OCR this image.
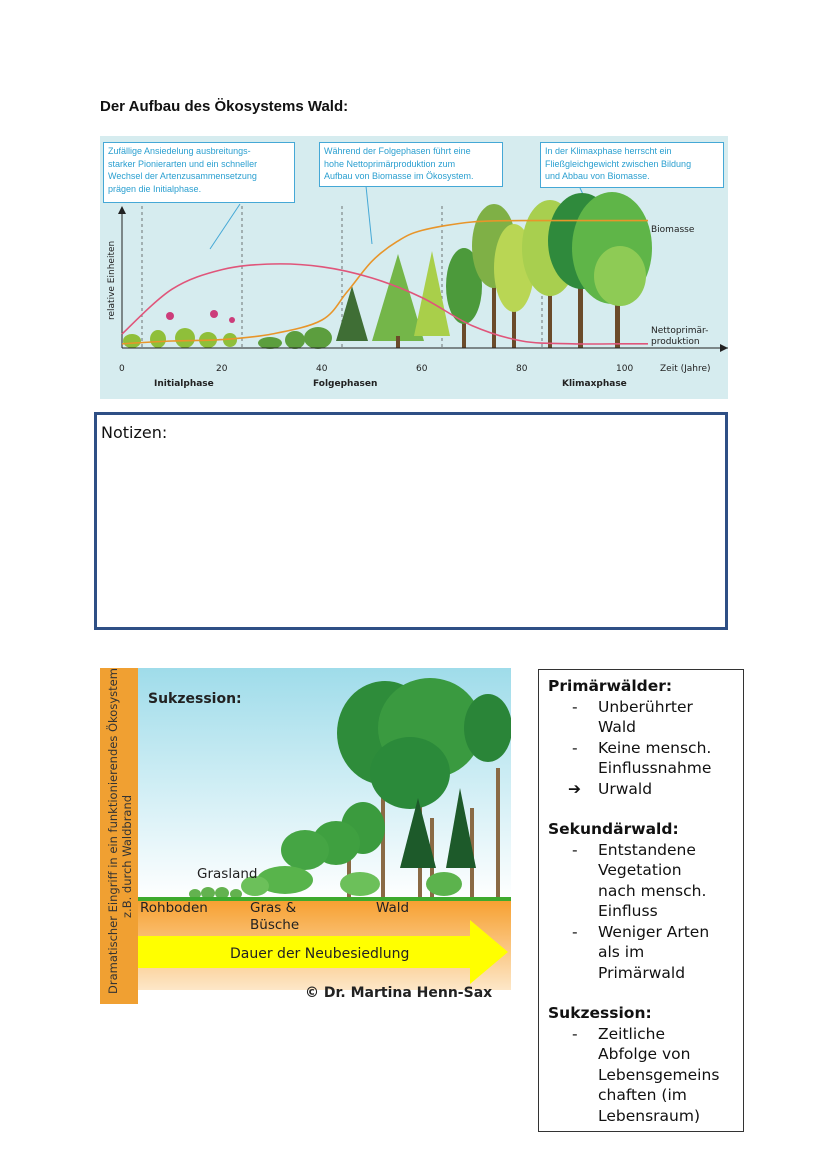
Der Aufbau des Ökosystems Wald:
Biomasse
Nettoprimär-
produktion
relative Einheiten
0	20	40	60	80	100	Zeit (Jahre)
Initialphase	Folgephasen	Klimaxphase
Zufällige Ansiedelung ausbreitungs-
starker Pionierarten und ein schneller
Wechsel der Artenzusammensetzung
prägen die Initialphase.
Während der Folgephasen führt eine
hohe Nettoprimärproduktion zum
Aufbau von Biomasse im Ökosystem.
In der Klimaxphase herrscht ein
Fließgleichgewicht zwischen Bildung
und Abbau von Biomasse.
Notizen:
Sukzession:
Grasland
Rohboden	Gras &
Büsche
Wald
Dauer der Neubesiedlung
© Dr. Martina Henn-Sax
Dramatischer Eingriff in ein funktionierendes Ökosystem z.B. durch Waldbrand
Primärwälder:
- Unberührter
Wald
- Keine mensch.
Einflussnahme
➔ Urwald
Sekundärwald:
- Entstandene
Vegetation
nach mensch.
Einfluss
- Weniger Arten
als im
Primärwald
Sukzession:
- Zeitliche
Abfolge von
Lebensgemeins
chaften (im
Lebensraum)
